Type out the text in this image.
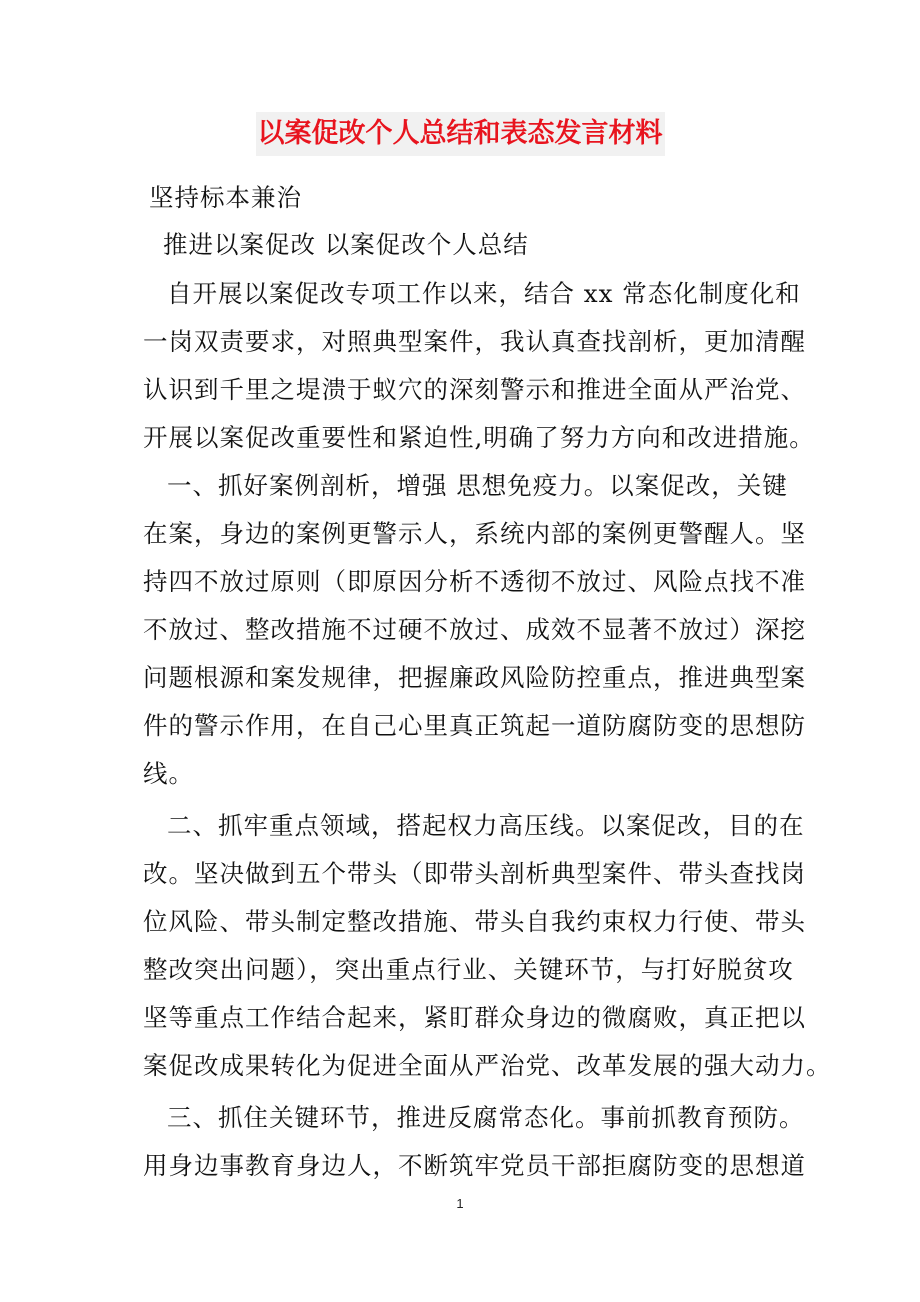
以案促改个人总结和表态发言材料
坚持标本兼治
推进以案促改 以案促改个人总结
自开展以案促改专项工作以来，结合 xx 常态化制度化和
一岗双责要求，对照典型案件，我认真查找剖析，更加清醒
认识到千里之堤溃于蚁穴的深刻警示和推进全面从严治党、
开展以案促改重要性和紧迫性,明确了努力方向和改进措施。
一、抓好案例剖析，增强 思想免疫力。以案促改，关键
在案，身边的案例更警示人，系统内部的案例更警醒人。坚
持四不放过原则（即原因分析不透彻不放过、风险点找不准
不放过、整改措施不过硬不放过、成效不显著不放过）深挖
问题根源和案发规律，把握廉政风险防控重点，推进典型案
件的警示作用，在自己心里真正筑起一道防腐防变的思想防
线。
二、抓牢重点领域，搭起权力高压线。以案促改，目的在
改。坚决做到五个带头（即带头剖析典型案件、带头查找岗
位风险、带头制定整改措施、带头自我约束权力行使、带头
整改突出问题），突出重点行业、关键环节，与打好脱贫攻
坚等重点工作结合起来，紧盯群众身边的微腐败，真正把以
案促改成果转化为促进全面从严治党、改革发展的强大动力。
三、抓住关键环节，推进反腐常态化。事前抓教育预防。
用身边事教育身边人，不断筑牢党员干部拒腐防变的思想道
1
